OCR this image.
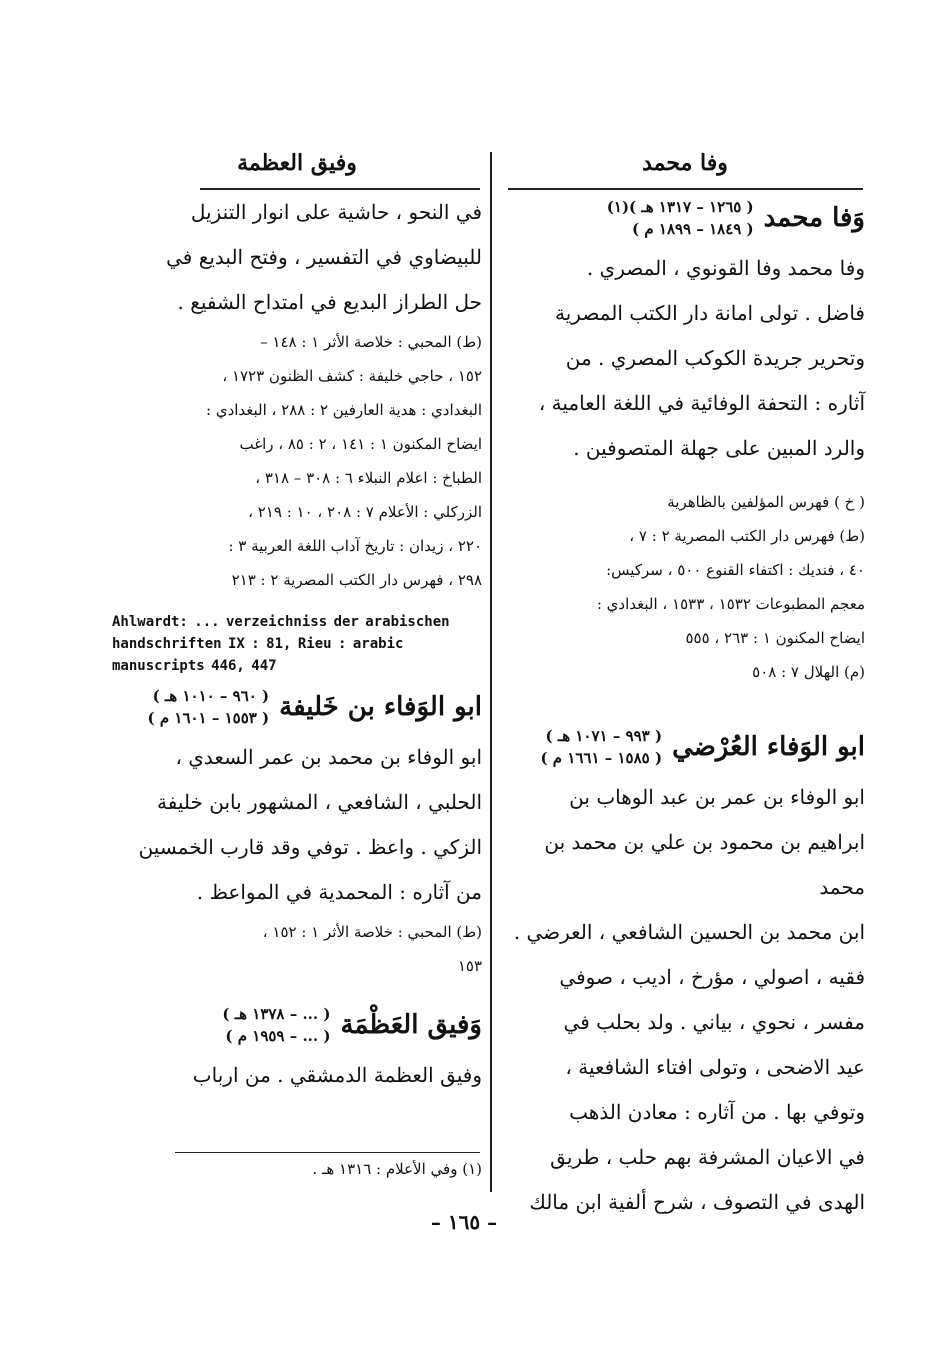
وفا محمد
وفيق العظمة
وَفا محمد
( ١٢٦٥ – ١٣١٧ هـ )(١)
( ١٨٤٩ – ١٨٩٩ م )

وفا محمد وفا القونوي ، المصري .

فاضل . تولى امانة دار الكتب المصرية

وتحرير جريدة الكوكب المصري . من

آثاره : التحفة الوفائية في اللغة العامية ،

والرد المبين على جهلة المتصوفين .

( خ ) فهرس المؤلفين بالظاهرية

(ط) فهرس دار الكتب المصرية ٢ : ٧ ،

٤٠ ، فنديك : اكتفاء القنوع ٥٠٠ ، سركيس:

معجم المطبوعات ١٥٣٢ ، ١٥٣٣ ، البغدادي :

ايضاح المكنون ١ : ٢٦٣ ، ٥٥٥

(م) الهلال ٧ : ٥٠٨

ابو الوَفاء العُرْضي
( ٩٩٣ – ١٠٧١ هـ )
( ١٥٨٥ – ١٦٦١ م )

ابو الوفاء بن عمر بن عبد الوهاب بن

ابراهيم بن محمود بن علي بن محمد بن محمد

ابن محمد بن الحسين الشافعي ، العرضي .

فقيه ، اصولي ، مؤرخ ، اديب ، صوفي

مفسر ، نحوي ، بياني . ولد بحلب في

عيد الاضحى ، وتولى افتاء الشافعية ،

وتوفي بها . من آثاره : معادن الذهب

في الاعيان المشرفة بهم حلب ، طريق

الهدى في التصوف ، شرح ألفية ابن مالك

في النحو ، حاشية على انوار التنزيل

للبيضاوي في التفسير ، وفتح البديع في

حل الطراز البديع في امتداح الشفيع .

(ط) المحبي : خلاصة الأثر ١ : ١٤٨ –

١٥٢ ، حاجي خليفة : كشف الظنون ١٧٢٣ ،

البغدادي : هدية العارفين ٢ : ٢٨٨ ، البغدادي :

ايضاح المكنون ١ : ١٤١ ، ٢ : ٨٥ ، راغب

الطباخ : اعلام النبلاء ٦ : ٣٠٨ – ٣١٨ ،

الزركلي : الأعلام ٧ : ٢٠٨ ، ١٠ : ٢١٩ ،

٢٢٠ ، زيدان : تاريخ آداب اللغة العربية ٣ :

٢٩٨ ، فهرس دار الكتب المصرية ٢ : ٢١٣

Ahlwardt: ... verzeichniss der arabischen handschriften IX : 81, Rieu : arabic manuscripts 446, 447

ابو الوَفاء بن خَليفة
( ٩٦٠ – ١٠١٠ هـ )
( ١٥٥٣ – ١٦٠١ م )

ابو الوفاء بن محمد بن عمر السعدي ،

الحلبي ، الشافعي ، المشهور بابن خليفة

الزكي . واعظ . توفي وقد قارب الخمسين

من آثاره : المحمدية في المواعظ .

(ط) المحبي : خلاصة الأثر ١ : ١٥٢ ،

١٥٣

وَفيق العَظْمَة
( ... – ١٣٧٨ هـ )
( ... – ١٩٥٩ م )

وفيق العظمة الدمشقي . من ارباب

(١) وفي الأعلام : ١٣١٦ هـ .
– ١٦٥ –
